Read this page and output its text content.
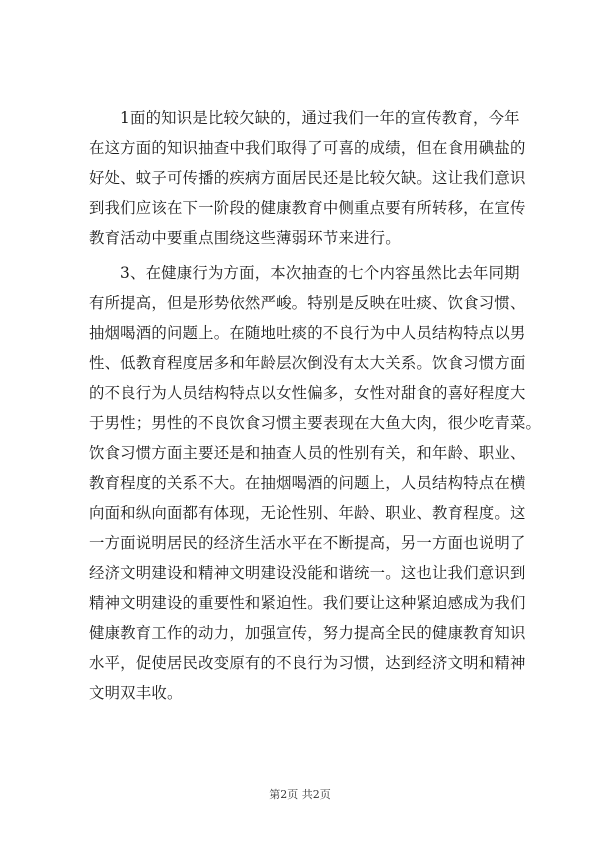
1面的知识是比较欠缺的，通过我们一年的宣传教育，今年
在这方面的知识抽查中我们取得了可喜的成绩，但在食用碘盐的
好处、蚊子可传播的疾病方面居民还是比较欠缺。这让我们意识
到我们应该在下一阶段的健康教育中侧重点要有所转移，在宣传
教育活动中要重点围绕这些薄弱环节来进行。
3、在健康行为方面，本次抽查的七个内容虽然比去年同期
有所提高，但是形势依然严峻。特别是反映在吐痰、饮食习惯、
抽烟喝酒的问题上。在随地吐痰的不良行为中人员结构特点以男
性、低教育程度居多和年龄层次倒没有太大关系。饮食习惯方面
的不良行为人员结构特点以女性偏多，女性对甜食的喜好程度大
于男性；男性的不良饮食习惯主要表现在大鱼大肉，很少吃青菜。
饮食习惯方面主要还是和抽查人员的性别有关，和年龄、职业、
教育程度的关系不大。在抽烟喝酒的问题上，人员结构特点在横
向面和纵向面都有体现，无论性别、年龄、职业、教育程度。这
一方面说明居民的经济生活水平在不断提高，另一方面也说明了
经济文明建设和精神文明建设没能和谐统一。这也让我们意识到
精神文明建设的重要性和紧迫性。我们要让这种紧迫感成为我们
健康教育工作的动力，加强宣传，努力提高全民的健康教育知识
水平，促使居民改变原有的不良行为习惯，达到经济文明和精神
文明双丰收。
第2页 共2页
